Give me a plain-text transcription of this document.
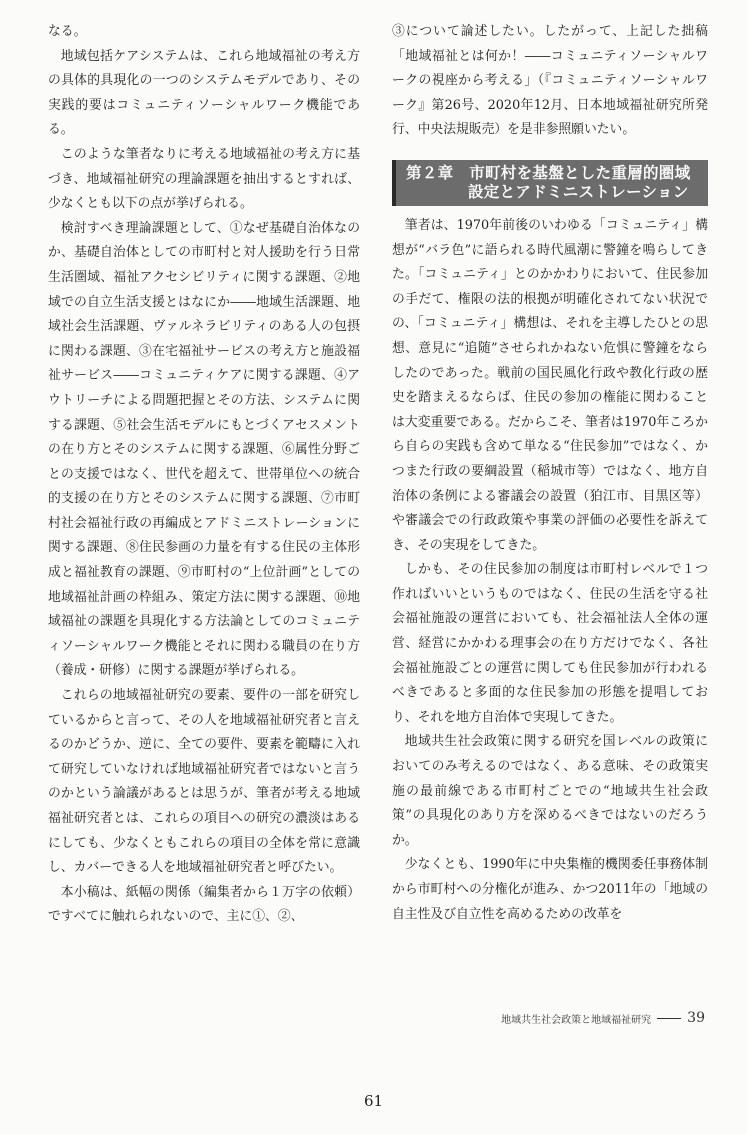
なる。

地域包括ケアシステムは、これら地域福祉の考え方の具体的具現化の一つのシステムモデルであり、その実践的要はコミュニティソーシャルワーク機能である。

このような筆者なりに考える地域福祉の考え方に基づき、地域福祉研究の理論課題を抽出するとすれば、少なくとも以下の点が挙げられる。

検討すべき理論課題として、①なぜ基礎自治体なのか、基礎自治体としての市町村と対人援助を行う日常生活圏域、福祉アクセシビリティに関する課題、②地域での自立生活支援とはなにか――地域生活課題、地域社会生活課題、ヴァルネラビリティのある人の包摂に関わる課題、③在宅福祉サービスの考え方と施設福祉サービス――コミュニティケアに関する課題、④アウトリーチによる問題把握とその方法、システムに関する課題、⑤社会生活モデルにもとづくアセスメントの在り方とそのシステムに関する課題、⑥属性分野ごとの支援ではなく、世代を超えて、世帯単位への統合的支援の在り方とそのシステムに関する課題、⑦市町村社会福祉行政の再編成とアドミニストレーションに関する課題、⑧住民参画の力量を有する住民の主体形成と福祉教育の課題、⑨市町村の“上位計画”としての　地域福祉計画の枠組み、策定方法に関する課題、⑩地域福祉の課題を具現化する方法論としてのコミュニティソーシャルワーク機能とそれに関わる職員の在り方（養成・研修）に関する課題が挙げられる。

これらの地域福祉研究の要素、要件の一部を研究しているからと言って、その人を地域福祉研究者と言えるのかどうか、逆に、全ての要件、要素を範疇に入れて研究していなければ地域福祉研究者ではないと言うのかという論議があるとは思うが、筆者が考える地域福祉研究者とは、これらの項目への研究の濃淡はあるにしても、少なくともこれらの項目の全体を常に意識し、カバーできる人を地域福祉研究者と呼びたい。

本小稿は、紙幅の関係（編集者から１万字の依頼）ですべてに触れられないので、主に①、②、

③について論述したい。したがって、上記した拙稿「地域福祉とは何か！――コミュニティソーシャルワークの視座から考える」（『コミュニティソーシャルワーク』第26号、2020年12月、日本地域福祉研究所発行、中央法規販売）を是非参照願いたい。

第２章　市町村を基盤とした重層的圏域
設定とアドミニストレーション

筆者は、1970年前後のいわゆる「コミュニティ」構想が“バラ色”に語られる時代風潮に警鐘を鳴らしてきた。「コミュニティ」とのかかわりにおいて、住民参加の手だて、権限の法的根拠が明確化されてない状況での、「コミュニティ」構想は、それを主導したひとの思想、意見に“追随”させられかねない危惧に警鐘をならしたのであった。戦前の国民風化行政や教化行政の歴史を踏まえるならば、住民の参加の権能に関わることは大変重要である。だからこそ、筆者は1970年ころから自らの実践も含めて単なる“住民参加”ではなく、かつまた行政の要綱設置（稲城市等）ではなく、地方自治体の条例による審議会の設置（狛江市、目黒区等）や審議会での行政政策や事業の評価の必要性を訴えてき、その実現をしてきた。

しかも、その住民参加の制度は市町村レベルで１つ作ればいいというものではなく、住民の生活を守る社会福祉施設の運営においても、社会福祉法人全体の運営、経営にかかわる理事会の在り方だけでなく、各社会福祉施設ごとの運営に関しても住民参加が行われるべきであると多面的な住民参加の形態を提唱しており、それを地方自治体で実現してきた。

地域共生社会政策に関する研究を国レベルの政策においてのみ考えるのではなく、ある意味、その政策実施の最前線である市町村ごとでの“地域共生社会政策”の具現化のあり方を深めるべきではないのだろうか。

少なくとも、1990年に中央集権的機関委任事務体制から市町村への分権化が進み、かつ2011年の「地域の自主性及び自立性を高めるための改革を

地域共生社会政策と地域福祉研究	39
61
